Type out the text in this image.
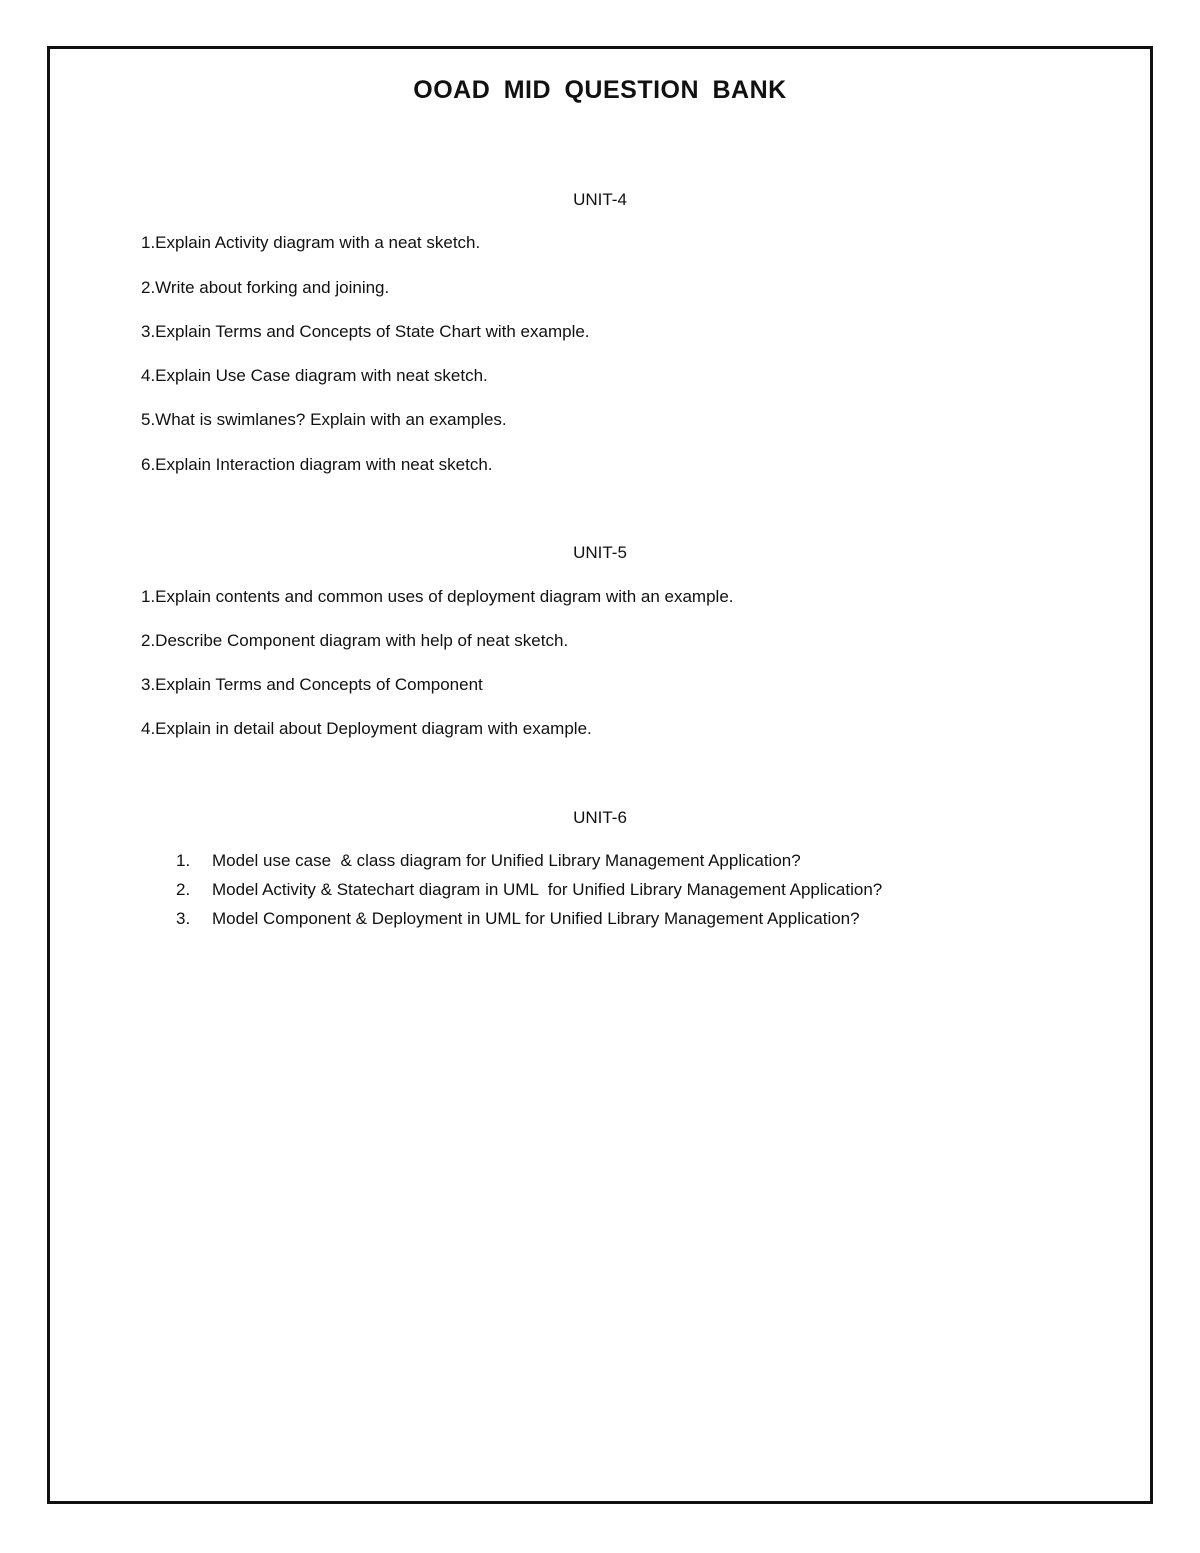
OOAD MID QUESTION BANK
UNIT-4
1.Explain Activity diagram with a neat sketch.
2.Write about forking and joining.
3.Explain Terms and Concepts of State Chart with example.
4.Explain Use Case diagram with neat sketch.
5.What is swimlanes? Explain with an examples.
6.Explain Interaction diagram with neat sketch.
UNIT-5
1.Explain contents and common uses of deployment diagram with an example.
2.Describe Component diagram with help of neat sketch.
3.Explain Terms and Concepts of Component
4.Explain in detail about Deployment diagram with example.
UNIT-6
1. Model use case  & class diagram for Unified Library Management Application?
2. Model Activity & Statechart diagram in UML  for Unified Library Management Application?
3. Model Component & Deployment in UML for Unified Library Management Application?
